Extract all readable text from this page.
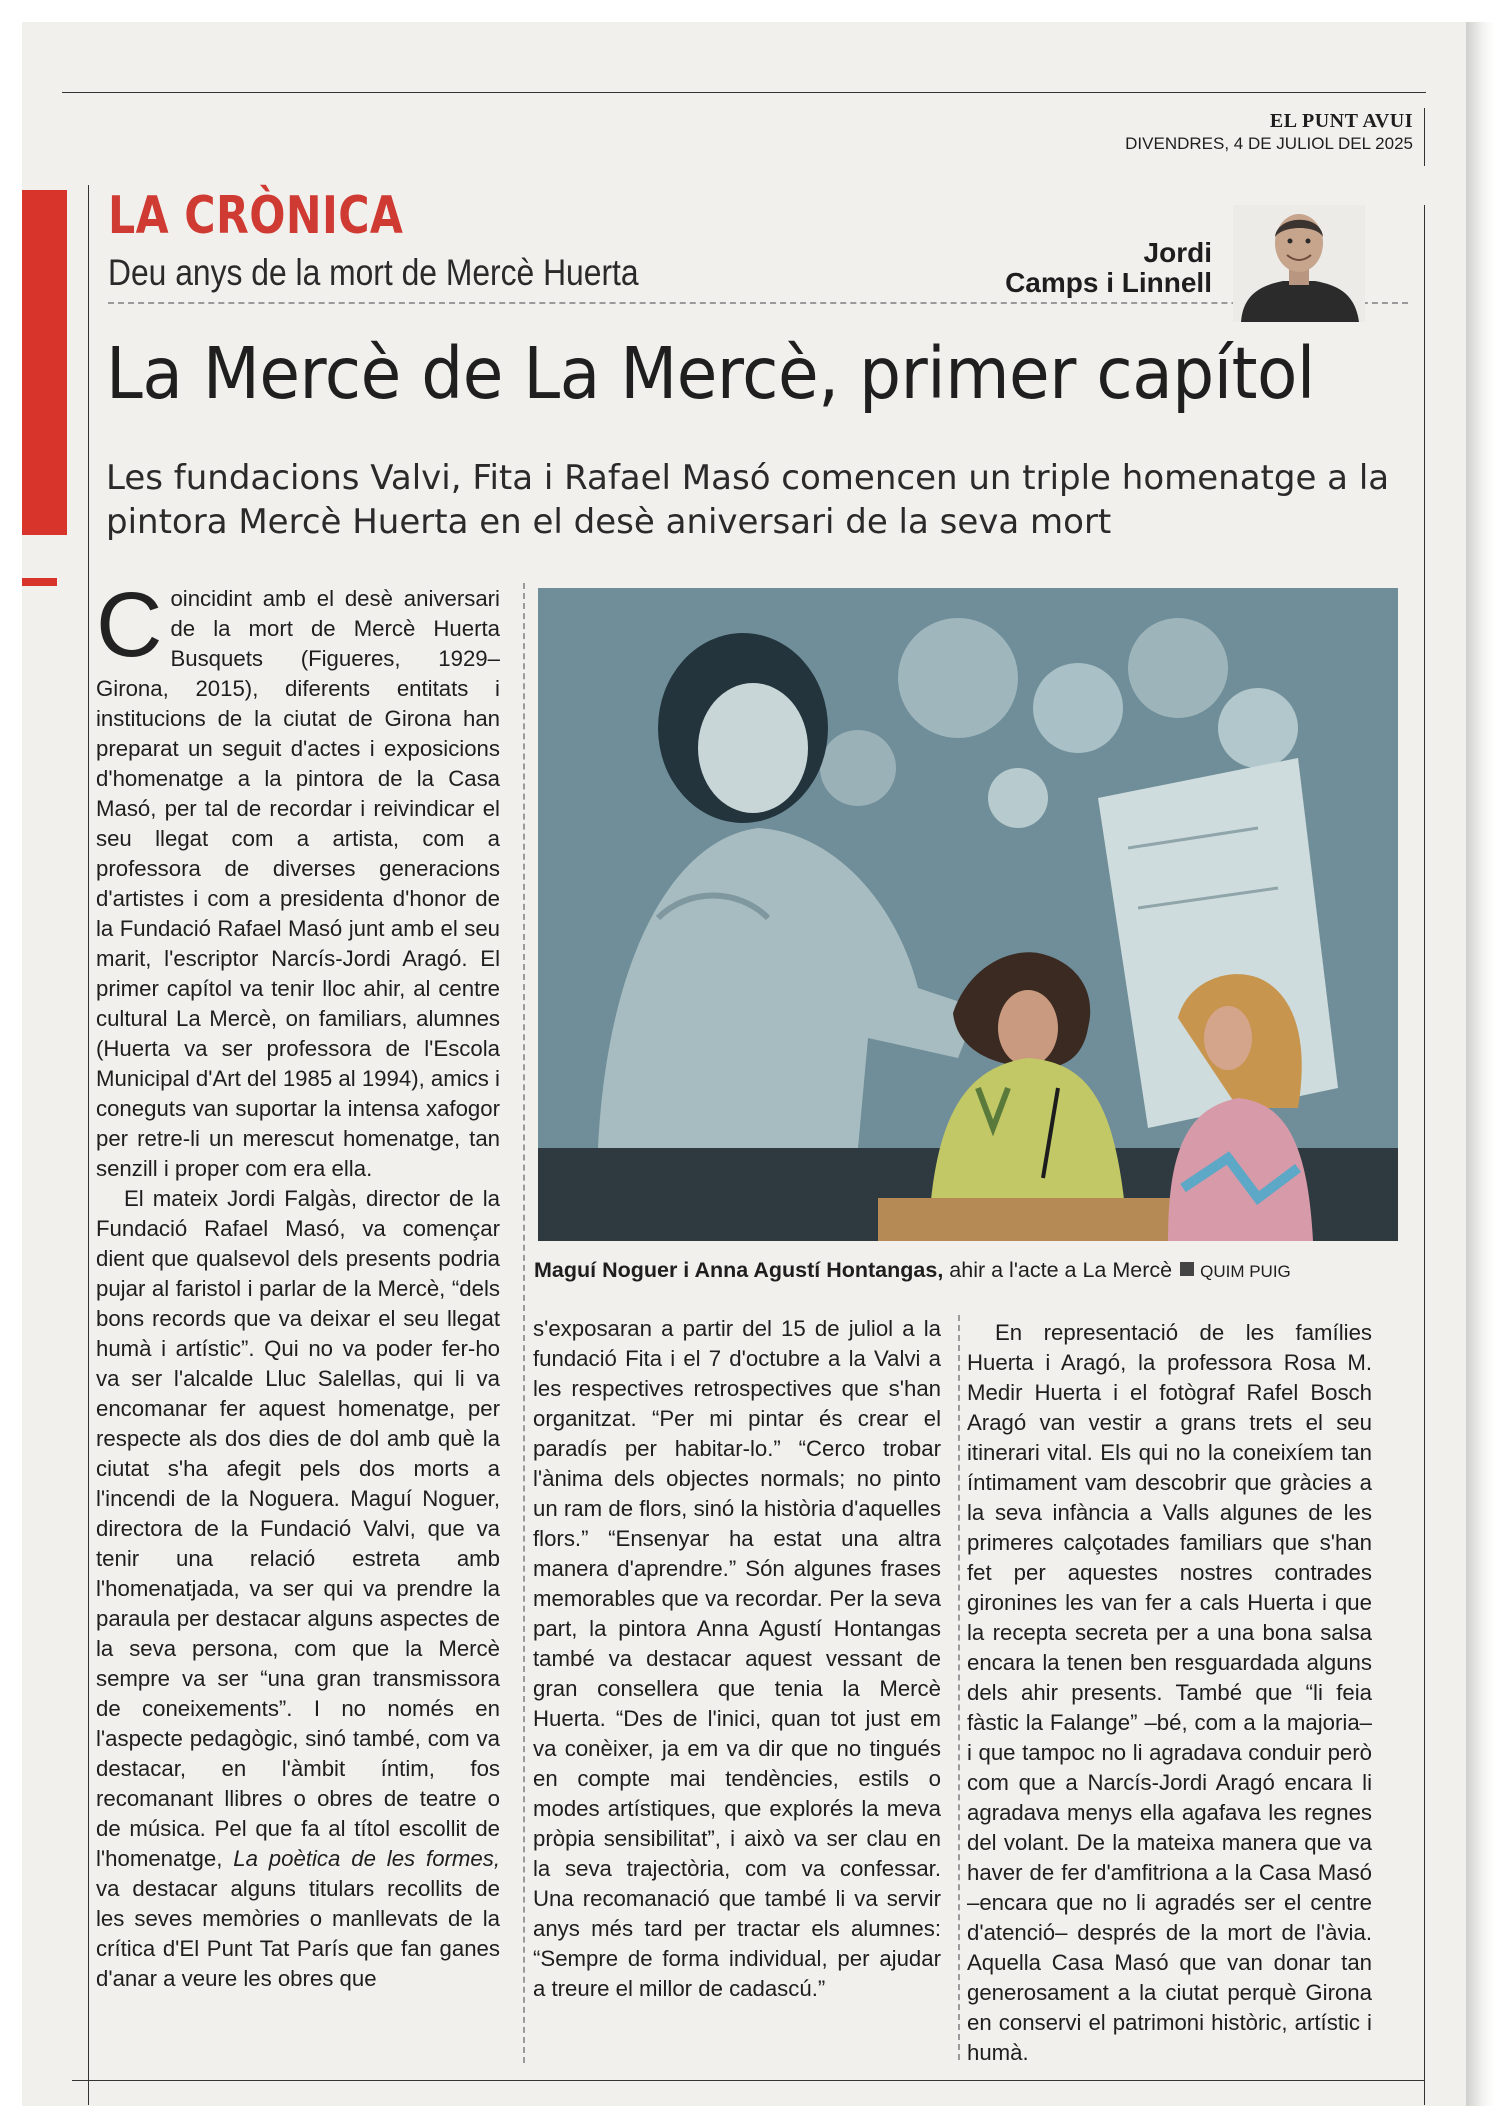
EL PUNT AVUI
DIVENDRES, 4 DE JULIOL DEL 2025
LA CRÒNICA
Deu anys de la mort de Mercè Huerta	Jordi
Camps i Linnell
La Mercè de La Mercè, primer capítol
Les fundacions Valvi, Fita i Rafael Masó comencen un triple homenatge a la pintora Mercè Huerta en el desè aniversari de la seva mort

Coincidint amb el desè aniversari de la mort de Mercè Huerta Busquets (Figueres, 1929–Girona, 2015), diferents entitats i institucions de la ciutat de Girona han preparat un seguit d'actes i exposicions d'homenatge a la pintora de la Casa Masó, per tal de recordar i reivindicar el seu llegat com a artista, com a professora de diverses generacions d'artistes i com a presidenta d'honor de la Fundació Rafael Masó junt amb el seu marit, l'escriptor Narcís-Jordi Aragó. El primer capítol va tenir lloc ahir, al centre cultural La Mercè, on familiars, alumnes (Huerta va ser professora de l'Escola Municipal d'Art del 1985 al 1994), amics i coneguts van suportar la intensa xafogor per retre-li un merescut homenatge, tan senzill i proper com era ella.

El mateix Jordi Falgàs, director de la Fundació Rafael Masó, va començar dient que qualsevol dels presents podria pujar al faristol i parlar de la Mercè, “dels bons records que va deixar el seu llegat humà i artístic”. Qui no va poder fer-ho va ser l'alcalde Lluc Salellas, qui li va encomanar fer aquest homenatge, per respecte als dos dies de dol amb què la ciutat s'ha afegit pels dos morts a l'incendi de la Noguera. Maguí Noguer, directora de la Fundació Valvi, que va tenir una relació estreta amb l'homenatjada, va ser qui va prendre la paraula per destacar alguns aspectes de la seva persona, com que la Mercè sempre va ser “una gran transmissora de coneixements”. I no només en l'aspecte pedagògic, sinó també, com va destacar, en l'àmbit íntim, fos recomanant llibres o obres de teatre o de música. Pel que fa al títol escollit de l'homenatge, La poètica de les formes, va destacar alguns titulars recollits de les seves memòries o manllevats de la crítica d'El Punt Tat París que fan ganes d'anar a veure les obres que

Maguí Noguer i Anna Agustí Hontangas, ahir a l'acte a La Mercè QUIM PUIG

s'exposaran a partir del 15 de juliol a la fundació Fita i el 7 d'octubre a la Valvi a les respectives retrospectives que s'han organitzat. “Per mi pintar és crear el paradís per habitar-lo.” “Cerco trobar l'ànima dels objectes normals; no pinto un ram de flors, sinó la història d'aquelles flors.” “Ensenyar ha estat una altra manera d'aprendre.” Són algunes frases memorables que va recordar. Per la seva part, la pintora Anna Agustí Hontangas també va destacar aquest vessant de gran consellera que tenia la Mercè Huerta. “Des de l'inici, quan tot just em va conèixer, ja em va dir que no tingués en compte mai tendències, estils o modes artístiques, que explorés la meva pròpia sensibilitat”, i això va ser clau en la seva trajectòria, com va confessar. Una recomanació que també li va servir anys més tard per tractar els alumnes: “Sempre de forma individual, per ajudar a treure el millor de cadascú.”

En representació de les famílies Huerta i Aragó, la professora Rosa M. Medir Huerta i el fotògraf Rafel Bosch Aragó van vestir a grans trets el seu itinerari vital. Els qui no la coneixíem tan íntimament vam descobrir que gràcies a la seva infància a Valls algunes de les primeres calçotades familiars que s'han fet per aquestes nostres contrades gironines les van fer a cals Huerta i que la recepta secreta per a una bona salsa encara la tenen ben resguardada alguns dels ahir presents. També que “li feia fàstic la Falange” –bé, com a la majoria– i que tampoc no li agradava conduir però com que a Narcís-Jordi Aragó encara li agradava menys ella agafava les regnes del volant. De la mateixa manera que va haver de fer d'amfitriona a la Casa Masó –encara que no li agradés ser el centre d'atenció– després de la mort de l'àvia. Aquella Casa Masó que van donar tan generosament a la ciutat perquè Girona en conservi el patrimoni històric, artístic i humà.
